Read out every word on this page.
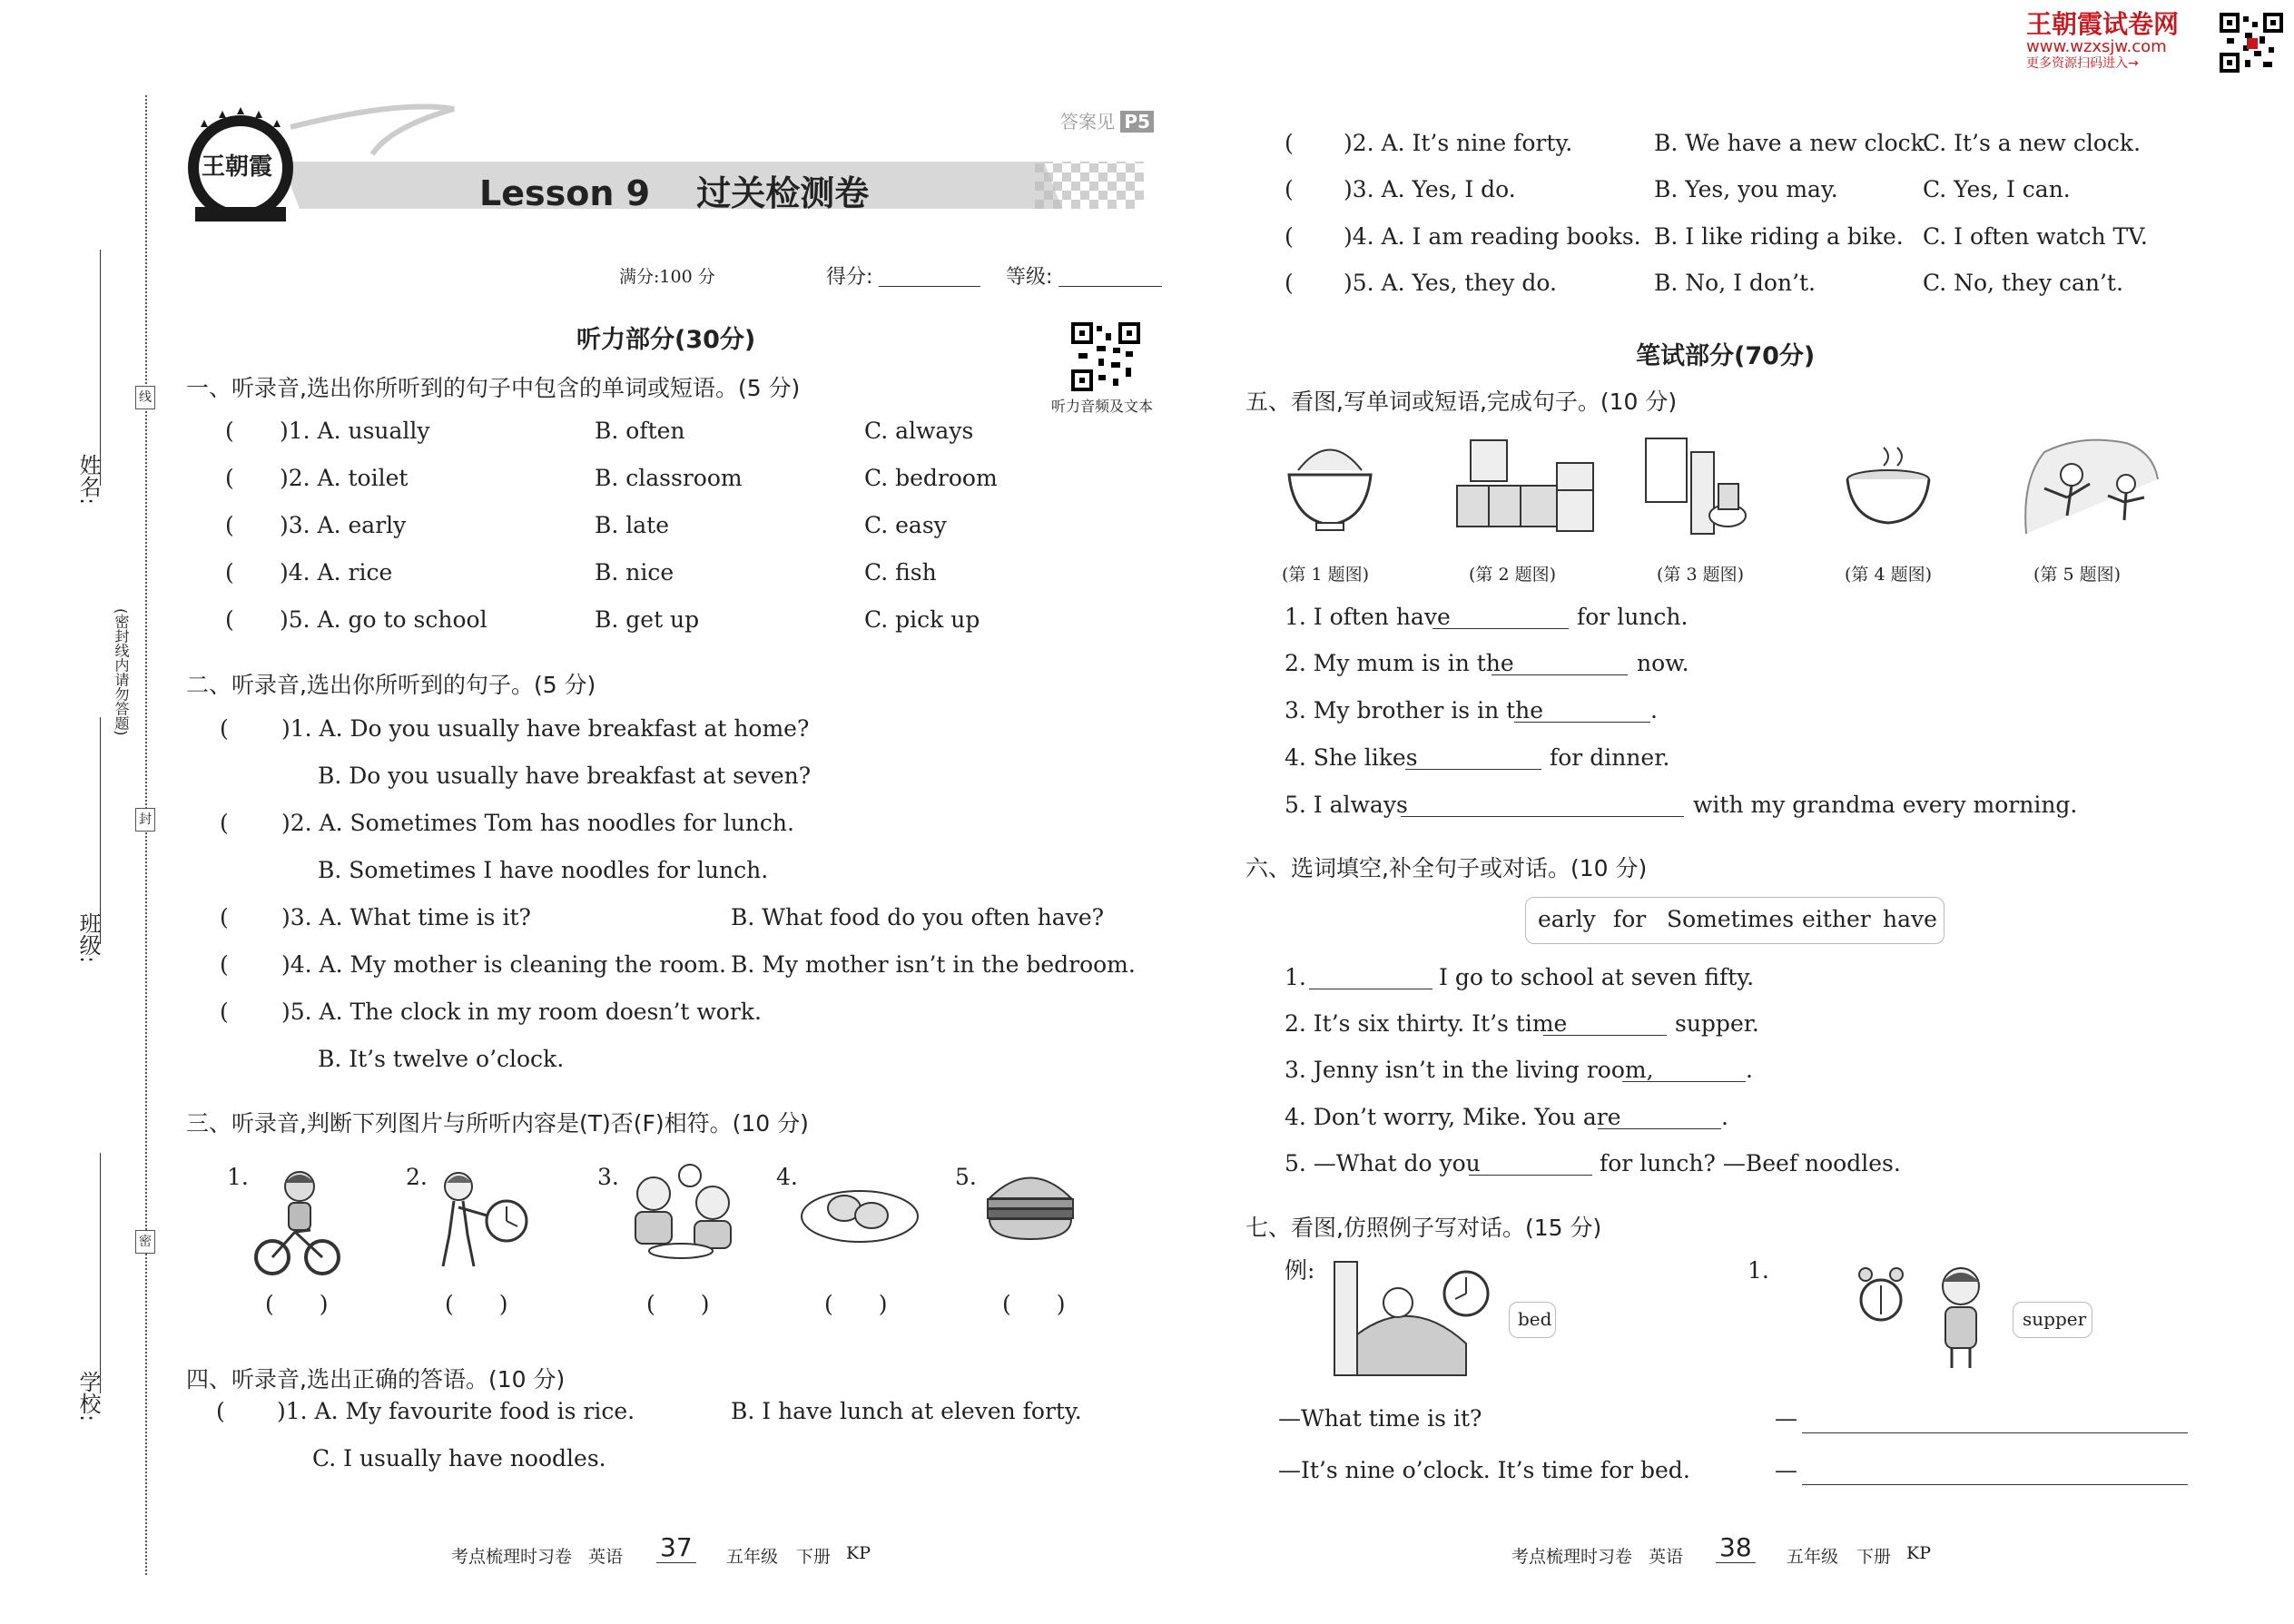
王朝霞试卷网
www.wzxsjw.com
更多资源扫码进入→
姓名:
班级:
学校:
(密封线内请勿答题)
线
封
密
王朝霞
答案见 P5
Lesson 9 过关检测卷
满分:100 分	得分:	等级:
听力音频及文本
听力部分(30分)
一、听录音,选出你所听到的句子中包含的单词或短语。(5 分)
( )1. A. usually	B. often	C. always
( )2. A. toilet	B. classroom	C. bedroom
( )3. A. early	B. late	C. easy
( )4. A. rice	B. nice	C. fish
( )5. A. go to school	B. get up	C. pick up
二、听录音,选出你所听到的句子。(5 分)
( )1. A. Do you usually have breakfast at home?
B. Do you usually have breakfast at seven?
( )2. A. Sometimes Tom has noodles for lunch.
B. Sometimes I have noodles for lunch.
( )3. A. What time is it?	B. What food do you often have?
( )4. A. My mother is cleaning the room. B. My mother isn’t in the bedroom.
( )5. A. The clock in my room doesn’t work.
B. It’s twelve o’clock.
三、听录音,判断下列图片与所听内容是(T)否(F)相符。(10 分)
1.
(　　)
2.
(　　)
3.
(　　)
4.
(　　)
5.
(　　)
四、听录音,选出正确的答语。(10 分)
( )1. A. My favourite food is rice.	B. I have lunch at eleven forty.
C. I usually have noodles.
考点梳理时习卷 英语 37 五年级 下册 KP
( )2. A. It’s nine forty.	B. We have a new clock.
C. It’s a new clock.
( )3. A. Yes, I do.	B. Yes, you may.	C. Yes, I can.
( )4. A. I am reading books. B. I like riding a bike. C. I often watch TV.
( )5. A. Yes, they do.	B. No, I don’t.	C. No, they can’t.
笔试部分(70分)
五、看图,写单词或短语,完成句子。(10 分)
(第 1 题图)	(第 2 题图)	(第 3 题图)	(第 4 题图)	(第 5 题图)
1. I often have	for lunch.
2. My mum is in the	now.
3. My brother is in the	.
4. She likes	for dinner.
5. I always	with my grandma every morning.
六、选词填空,补全句子或对话。(10 分)
early for Sometimes either have
1.	I go to school at seven fifty.
2. It’s six thirty. It’s time	supper.
3. Jenny isn’t in the living room,	.
4. Don’t worry, Mike. You are	.
5. —What do you	for lunch? —Beef noodles.
七、看图,仿照例子写对话。(15 分)
例:
bed
1.
supper
—What time is it?
—It’s nine o’clock. It’s time for bed.
—
—
考点梳理时习卷 英语 38 五年级 下册 KP
